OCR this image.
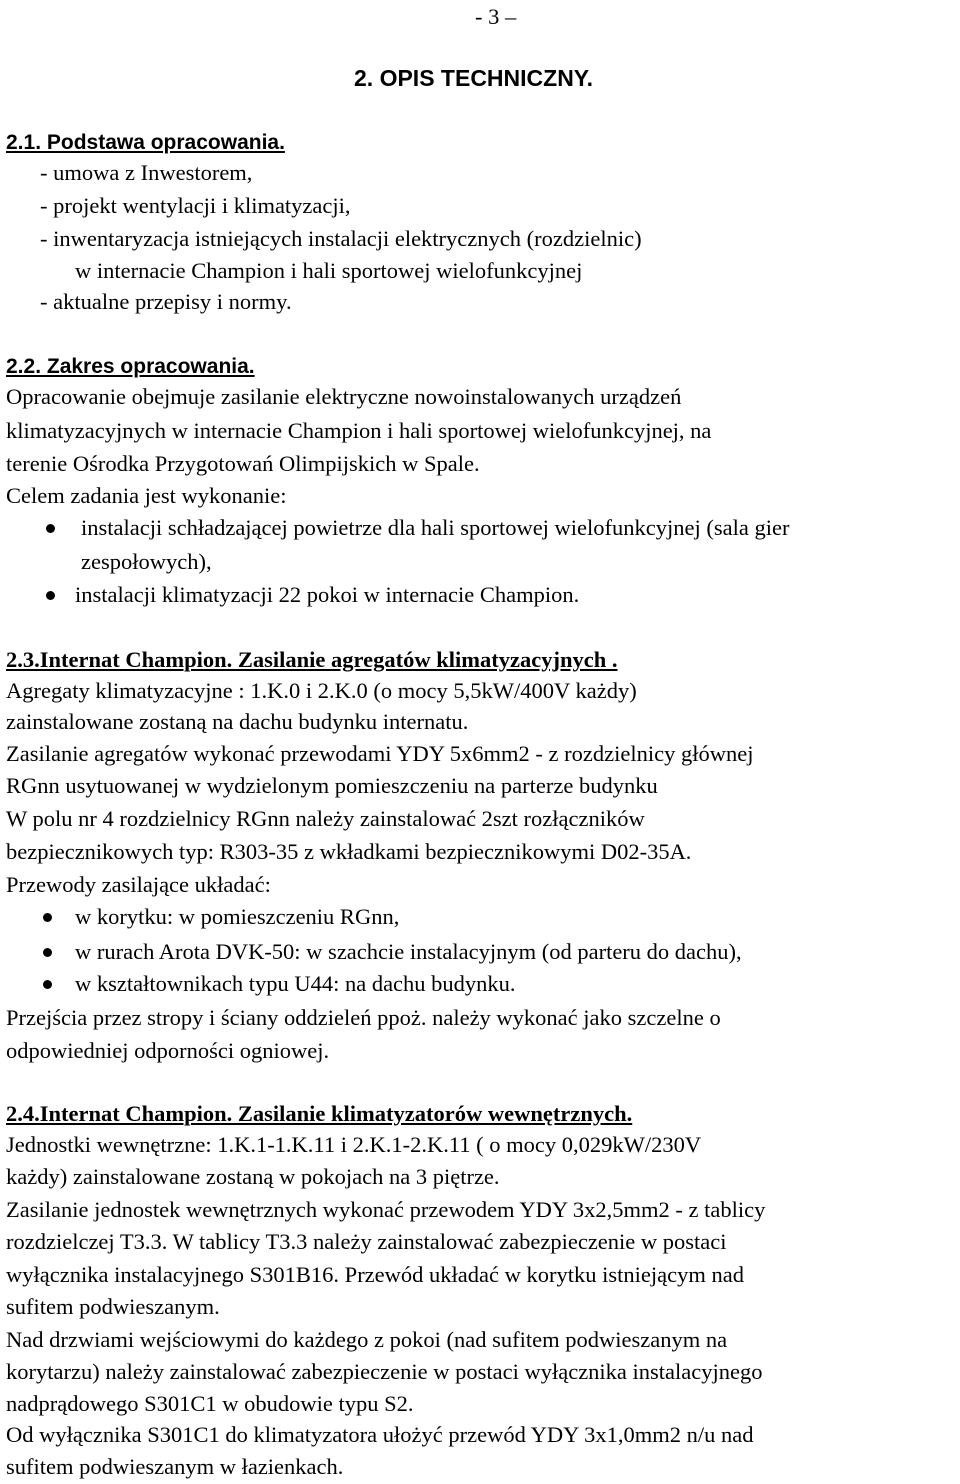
- 3 –
2. OPIS TECHNICZNY.
2.1. Podstawa opracowania.
- umowa z Inwestorem,
- projekt wentylacji i klimatyzacji,
- inwentaryzacja istniejących instalacji elektrycznych (rozdzielnic)
w internacie Champion i hali sportowej wielofunkcyjnej
- aktualne przepisy i normy.
2.2. Zakres opracowania.
Opracowanie obejmuje zasilanie elektryczne nowoinstalowanych urządzeń
klimatyzacyjnych w internacie Champion i hali sportowej wielofunkcyjnej, na
terenie Ośrodka Przygotowań Olimpijskich w Spale.
Celem zadania jest wykonanie:
instalacji schładzającej powietrze dla hali sportowej wielofunkcyjnej (sala gier
zespołowych),
instalacji klimatyzacji 22 pokoi w internacie Champion.
2.3.Internat Champion. Zasilanie agregatów klimatyzacyjnych .
Agregaty klimatyzacyjne : 1.K.0 i 2.K.0 (o mocy 5,5kW/400V każdy)
zainstalowane zostaną na dachu budynku internatu.
Zasilanie agregatów wykonać przewodami YDY 5x6mm2 - z rozdzielnicy głównej
RGnn usytuowanej w wydzielonym pomieszczeniu na parterze budynku
W polu nr 4 rozdzielnicy RGnn należy zainstalować 2szt rozłączników
bezpiecznikowych typ: R303-35 z wkładkami bezpiecznikowymi D02-35A.
Przewody zasilające układać:
w korytku: w pomieszczeniu RGnn,
w rurach Arota DVK-50: w szachcie instalacyjnym (od parteru do dachu),
w kształtownikach typu U44: na dachu budynku.
Przejścia przez stropy i ściany oddzieleń ppoż. należy wykonać jako szczelne o
odpowiedniej odporności ogniowej.
2.4.Internat Champion. Zasilanie klimatyzatorów wewnętrznych.
Jednostki wewnętrzne: 1.K.1-1.K.11 i 2.K.1-2.K.11 ( o mocy 0,029kW/230V
każdy) zainstalowane zostaną w pokojach na 3 piętrze.
Zasilanie jednostek wewnętrznych wykonać przewodem YDY 3x2,5mm2 - z tablicy
rozdzielczej T3.3. W tablicy T3.3 należy zainstalować zabezpieczenie w postaci
wyłącznika instalacyjnego S301B16. Przewód układać w korytku istniejącym nad
sufitem podwieszanym.
Nad drzwiami wejściowymi do każdego z pokoi (nad sufitem podwieszanym na
korytarzu) należy zainstalować zabezpieczenie w postaci wyłącznika instalacyjnego
nadprądowego S301C1 w obudowie typu S2.
Od wyłącznika S301C1 do klimatyzatora ułożyć przewód YDY 3x1,0mm2 n/u nad
sufitem podwieszanym w łazienkach.
